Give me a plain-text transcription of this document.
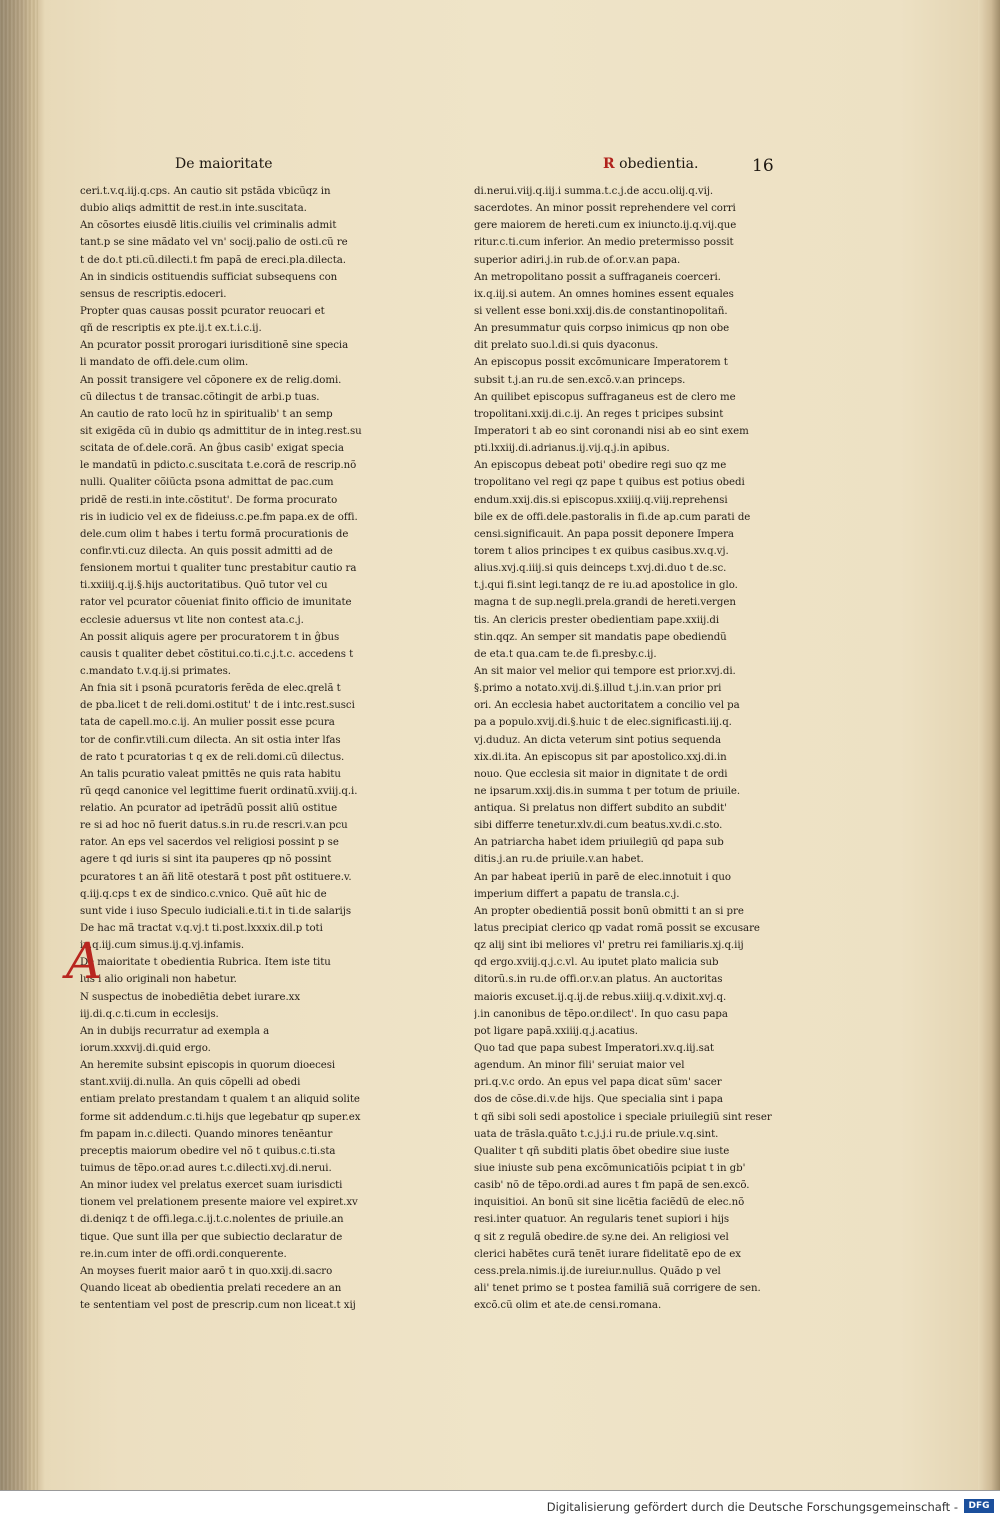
De maioritate	R obedientia.	16
ceri.t.v.q.iij.q.cps. An cautio sit pstãda vbicũqz in
dubio aliqs admittit de rest.in inte.suscitata.
An cõsortes eiusdẽ litis.ciuilis vel criminalis admit
tant.p se sine mãdato vel vn' socij.palio de osti.cũ re
t de do.t pti.cũ.dilecti.t fm papã de ereci.pla.dilecta.
An in sindicis ostituendis sufficiat subsequens con
sensus de rescriptis.edoceri.
Propter quas causas possit pcurator reuocari et
qñ de rescriptis ex pte.ij.t ex.t.i.c.ij.
An pcurator possit prorogari iurisditionẽ sine specia
li mandato de offi.dele.cum olim.
An possit transigere vel cõponere ex de relig.domi.
cũ dilectus t de transac.cõtingit de arbi.p tuas.
An cautio de rato locũ hz in spiritualib' t an semp
sit exigẽda cũ in dubio qs admittitur de in integ.rest.su
scitata de of.dele.corã. An ĝbus casib' exigat specia
le mandatũ in pdicto.c.suscitata t.e.corã de rescrip.nõ
nulli. Qualiter cõiũcta psona admittat de pac.cum
pridẽ de resti.in inte.cõstitut'. De forma procurato
ris in iudicio vel ex de fideiuss.c.pe.fm papa.ex de offi.
dele.cum olim t habes i tertu formã procurationis de
confir.vti.cuz dilecta. An quis possit admitti ad de
fensionem mortui t qualiter tunc prestabitur cautio ra
ti.xxiiij.q.ij.§.hijs auctoritatibus. Quõ tutor vel cu
rator vel pcurator cõueniat finito officio de imunitate
ecclesie aduersus vt lite non contest ata.c.j.
An possit aliquis agere per procuratorem t in ĝbus
causis t qualiter debet cõstitui.co.ti.c.j.t.c. accedens t
c.mandato t.v.q.ij.si primates.
An fnia sit i psonã pcuratoris ferẽda de elec.qrelã t
de pba.licet t de reli.domi.ostitut' t de i intc.rest.susci
tata de capell.mo.c.ij. An mulier possit esse pcura
tor de confir.vtili.cum dilecta. An sit ostia inter lfas
de rato t pcuratorias t q ex de reli.domi.cũ dilectus.
An talis pcuratio valeat pmittẽs ne quis rata habitu
rũ qeqd canonice vel legittime fuerit ordinatũ.xviij.q.i.
relatio. An pcurator ad ipetrãdũ possit aliũ ostitue
re si ad hoc nõ fuerit datus.s.in ru.de rescri.v.an pcu
rator. An eps vel sacerdos vel religiosi possint p se
agere t qd iuris si sint ita pauperes qp nõ possint
pcuratores t an ãñ litẽ otestarã t post pñt ostituere.v.
q.iij.q.cps t ex de sindico.c.vnico. Quẽ aũt hic de
sunt vide i iuso Speculo iudiciali.e.ti.t in ti.de salarijs
De hac mã tractat v.q.vj.t ti.post.lxxxix.dil.p toti
ix.q.iij.cum simus.ij.q.vj.infamis.
De maioritate t obedientia Rubrica. Item iste titu
lus i alio originali non habetur.
N suspectus de inobediẽtia debet iurare.xx
iij.di.q.c.ti.cum in ecclesijs.
An in dubijs recurratur ad exempla a
iorum.xxxvij.di.quid ergo.
An heremite subsint episcopis in quorum dioecesi
stant.xviij.di.nulla. An quis cõpelli ad obedi
entiam prelato prestandam t qualem t an aliquid solite
forme sit addendum.c.ti.hijs que legebatur qp super.ex
fm papam in.c.dilecti. Quando minores tenẽantur
preceptis maiorum obedire vel nõ t quibus.c.ti.sta
tuimus de tẽpo.or.ad aures t.c.dilecti.xvj.di.nerui.
An minor iudex vel prelatus exercet suam iurisdicti
tionem vel prelationem presente maiore vel expiret.xv
di.deniqz t de offi.lega.c.ij.t.c.nolentes de priuile.an
tique. Que sunt illa per que subiectio declaratur de
re.in.cum inter de offi.ordi.conquerente.
An moyses fuerit maior aarõ t in quo.xxij.di.sacro
Quando liceat ab obedientia prelati recedere an an
te sententiam vel post de prescrip.cum non liceat.t xij
di.nerui.viij.q.iij.i summa.t.c.j.de accu.olij.q.vij.
sacerdotes. An minor possit reprehendere vel corri
gere maiorem de hereti.cum ex iniuncto.ij.q.vij.que
ritur.c.ti.cum inferior. An medio pretermisso possit
superior adiri.j.in rub.de of.or.v.an papa.
An metropolitano possit a suffraganeis coerceri.
ix.q.iij.si autem. An omnes homines essent equales
si vellent esse boni.xxij.dis.de constantinopolitañ.
An presummatur quis corpso inimicus qp non obe
dit prelato suo.l.di.si quis dyaconus.
An episcopus possit excõmunicare Imperatorem t
subsit t.j.an ru.de sen.excõ.v.an princeps.
An quilibet episcopus suffraganeus est de clero me
tropolitani.xxij.di.c.ij. An reges t pricipes subsint
Imperatori t ab eo sint coronandi nisi ab eo sint exem
pti.lxxiij.di.adrianus.ij.vij.q.j.in apibus.
An episcopus debeat poti' obedire regi suo qz me
tropolitano vel regi qz pape t quibus est potius obedi
endum.xxij.dis.si episcopus.xxiiij.q.viij.reprehensi
bile ex de offi.dele.pastoralis in fi.de ap.cum parati de
censi.significauit. An papa possit deponere Impera
torem t alios principes t ex quibus casibus.xv.q.vj.
alius.xvj.q.iiij.si quis deinceps t.xvj.di.duo t de.sc.
t.j.qui fi.sint legi.tanqz de re iu.ad apostolice in glo.
magna t de sup.negli.prela.grandi de hereti.vergen
tis. An clericis prester obedientiam pape.xxiij.di
stin.qqz. An semper sit mandatis pape obediendũ
de eta.t qua.cam te.de fi.presby.c.ij.
An sit maior vel melior qui tempore est prior.xvj.di.
§.primo a notato.xvij.di.§.illud t.j.in.v.an prior pri
ori. An ecclesia habet auctoritatem a concilio vel pa
pa a populo.xvij.di.§.huic t de elec.significasti.iij.q.
vj.duduz. An dicta veterum sint potius sequenda
xix.di.ita. An episcopus sit par apostolico.xxj.di.in
nouo. Que ecclesia sit maior in dignitate t de ordi
ne ipsarum.xxij.dis.in summa t per totum de priuile.
antiqua. Si prelatus non differt subdito an subdit'
sibi differre tenetur.xlv.di.cum beatus.xv.di.c.sto.
An patriarcha habet idem priuilegiũ qd papa sub
ditis.j.an ru.de priuile.v.an habet.
An par habeat iperiũ in parẽ de elec.innotuit i quo
imperium differt a papatu de transla.c.j.
An propter obedientiã possit bonũ obmitti t an si pre
latus precipiat clerico qp vadat romã possit se excusare
qz alij sint ibi meliores vl' pretru rei familiaris.xj.q.iij
qd ergo.xviij.q.j.c.vl. Au iputet plato malicia sub
ditorũ.s.in ru.de offi.or.v.an platus. An auctoritas
maioris excuset.ij.q.ij.de rebus.xiiij.q.v.dixit.xvj.q.
j.in canonibus de tẽpo.or.dilect'. In quo casu papa
pot ligare papã.xxiiij.q.j.acatius.
Quo tad que papa subest Imperatori.xv.q.iij.sat
agendum. An minor fili' seruiat maior vel
pri.q.v.c ordo. An epus vel papa dicat sũm' sacer
dos de cõse.di.v.de hijs. Que specialia sint i papa
t qñ sibi soli sedi apostolice i speciale priuilegiũ sint reser
uata de trãsla.quãto t.c.j.j.i ru.de priule.v.q.sint.
Qualiter t qñ subditi platis õbet obedire siue iuste
siue iniuste sub pena excõmunicatiõis pcipiat t in gb'
casib' nõ de tẽpo.ordi.ad aures t fm papã de sen.excõ.
inquisitioi. An bonũ sit sine licẽtia faciẽdũ de elec.nõ
resi.inter quatuor. An regularis tenet supiori i hijs
q sit z regulã obedire.de sy.ne dei. An religiosi vel
clerici habẽtes curã tenẽt iurare fidelitatẽ epo de ex
cess.prela.nimis.ij.de iureiur.nullus. Quãdo p vel
ali' tenet primo se t postea familiã suã corrigere de sen.
excõ.cũ olim et ate.de censi.romana.
A
Digitalisierung gefördert durch die Deutsche Forschungsgemeinschaft -	DFG
